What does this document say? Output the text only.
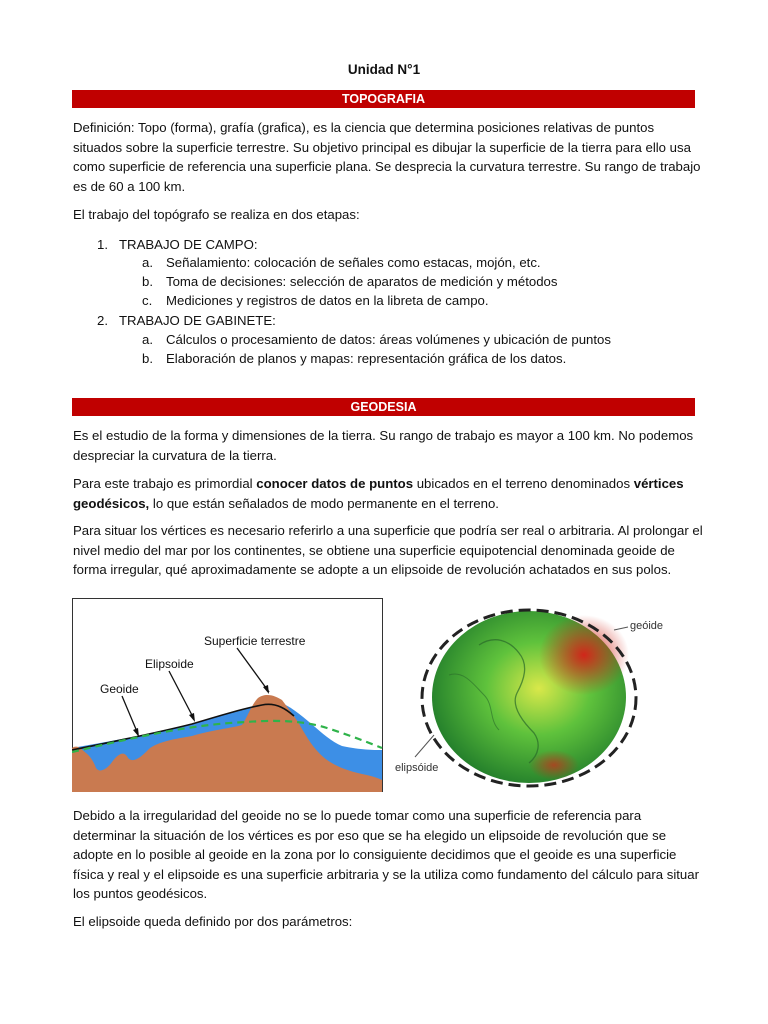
Unidad N°1
TOPOGRAFIA

Definición: Topo (forma), grafía (grafica), es la ciencia que determina posiciones relativas de puntos situados sobre la superficie terrestre. Su objetivo principal es dibujar la superficie de la tierra para ello usa como superficie de referencia una superficie plana. Se desprecia la curvatura terrestre. Su rango de trabajo es de 60 a 100 km.

El trabajo del topógrafo se realiza en dos etapas:

1. TRABAJO DE CAMPO:
a. Señalamiento: colocación de señales como estacas, mojón, etc.
b. Toma de decisiones: selección de aparatos de medición y métodos
c. Mediciones y registros de datos en la libreta de campo.
2. TRABAJO DE GABINETE:
a. Cálculos o procesamiento de datos: áreas volúmenes y ubicación de puntos
b. Elaboración de planos y mapas: representación gráfica de los datos.
GEODESIA

Es el estudio de la forma y dimensiones de la tierra. Su rango de trabajo es mayor a 100 km. No podemos despreciar la curvatura de la tierra.

Para este trabajo es primordial conocer datos de puntos ubicados en el terreno denominados vértices geodésicos, lo que están señalados de modo permanente en el terreno.

Para situar los vértices es necesario referirlo a una superficie que podría ser real o arbitraria. Al prolongar el nivel medio del mar por los continentes, se obtiene una superficie equipotencial denominada geoide de forma irregular, qué aproximadamente se adopte a un elipsoide de revolución achatados en sus polos.

Superficie terrestre
Elipsoide
Geoide
geóide
elipsóide

Debido a la irregularidad del geoide no se lo puede tomar como una superficie de referencia para determinar la situación de los vértices es por eso que se ha elegido un elipsoide de revolución que se adopte en lo posible al geoide en la zona por lo consiguiente decidimos que el geoide es una superficie física y real y el elipsoide es una superficie arbitraria y se la utiliza como fundamento del cálculo para situar los puntos geodésicos.

El elipsoide queda definido por dos parámetros:
